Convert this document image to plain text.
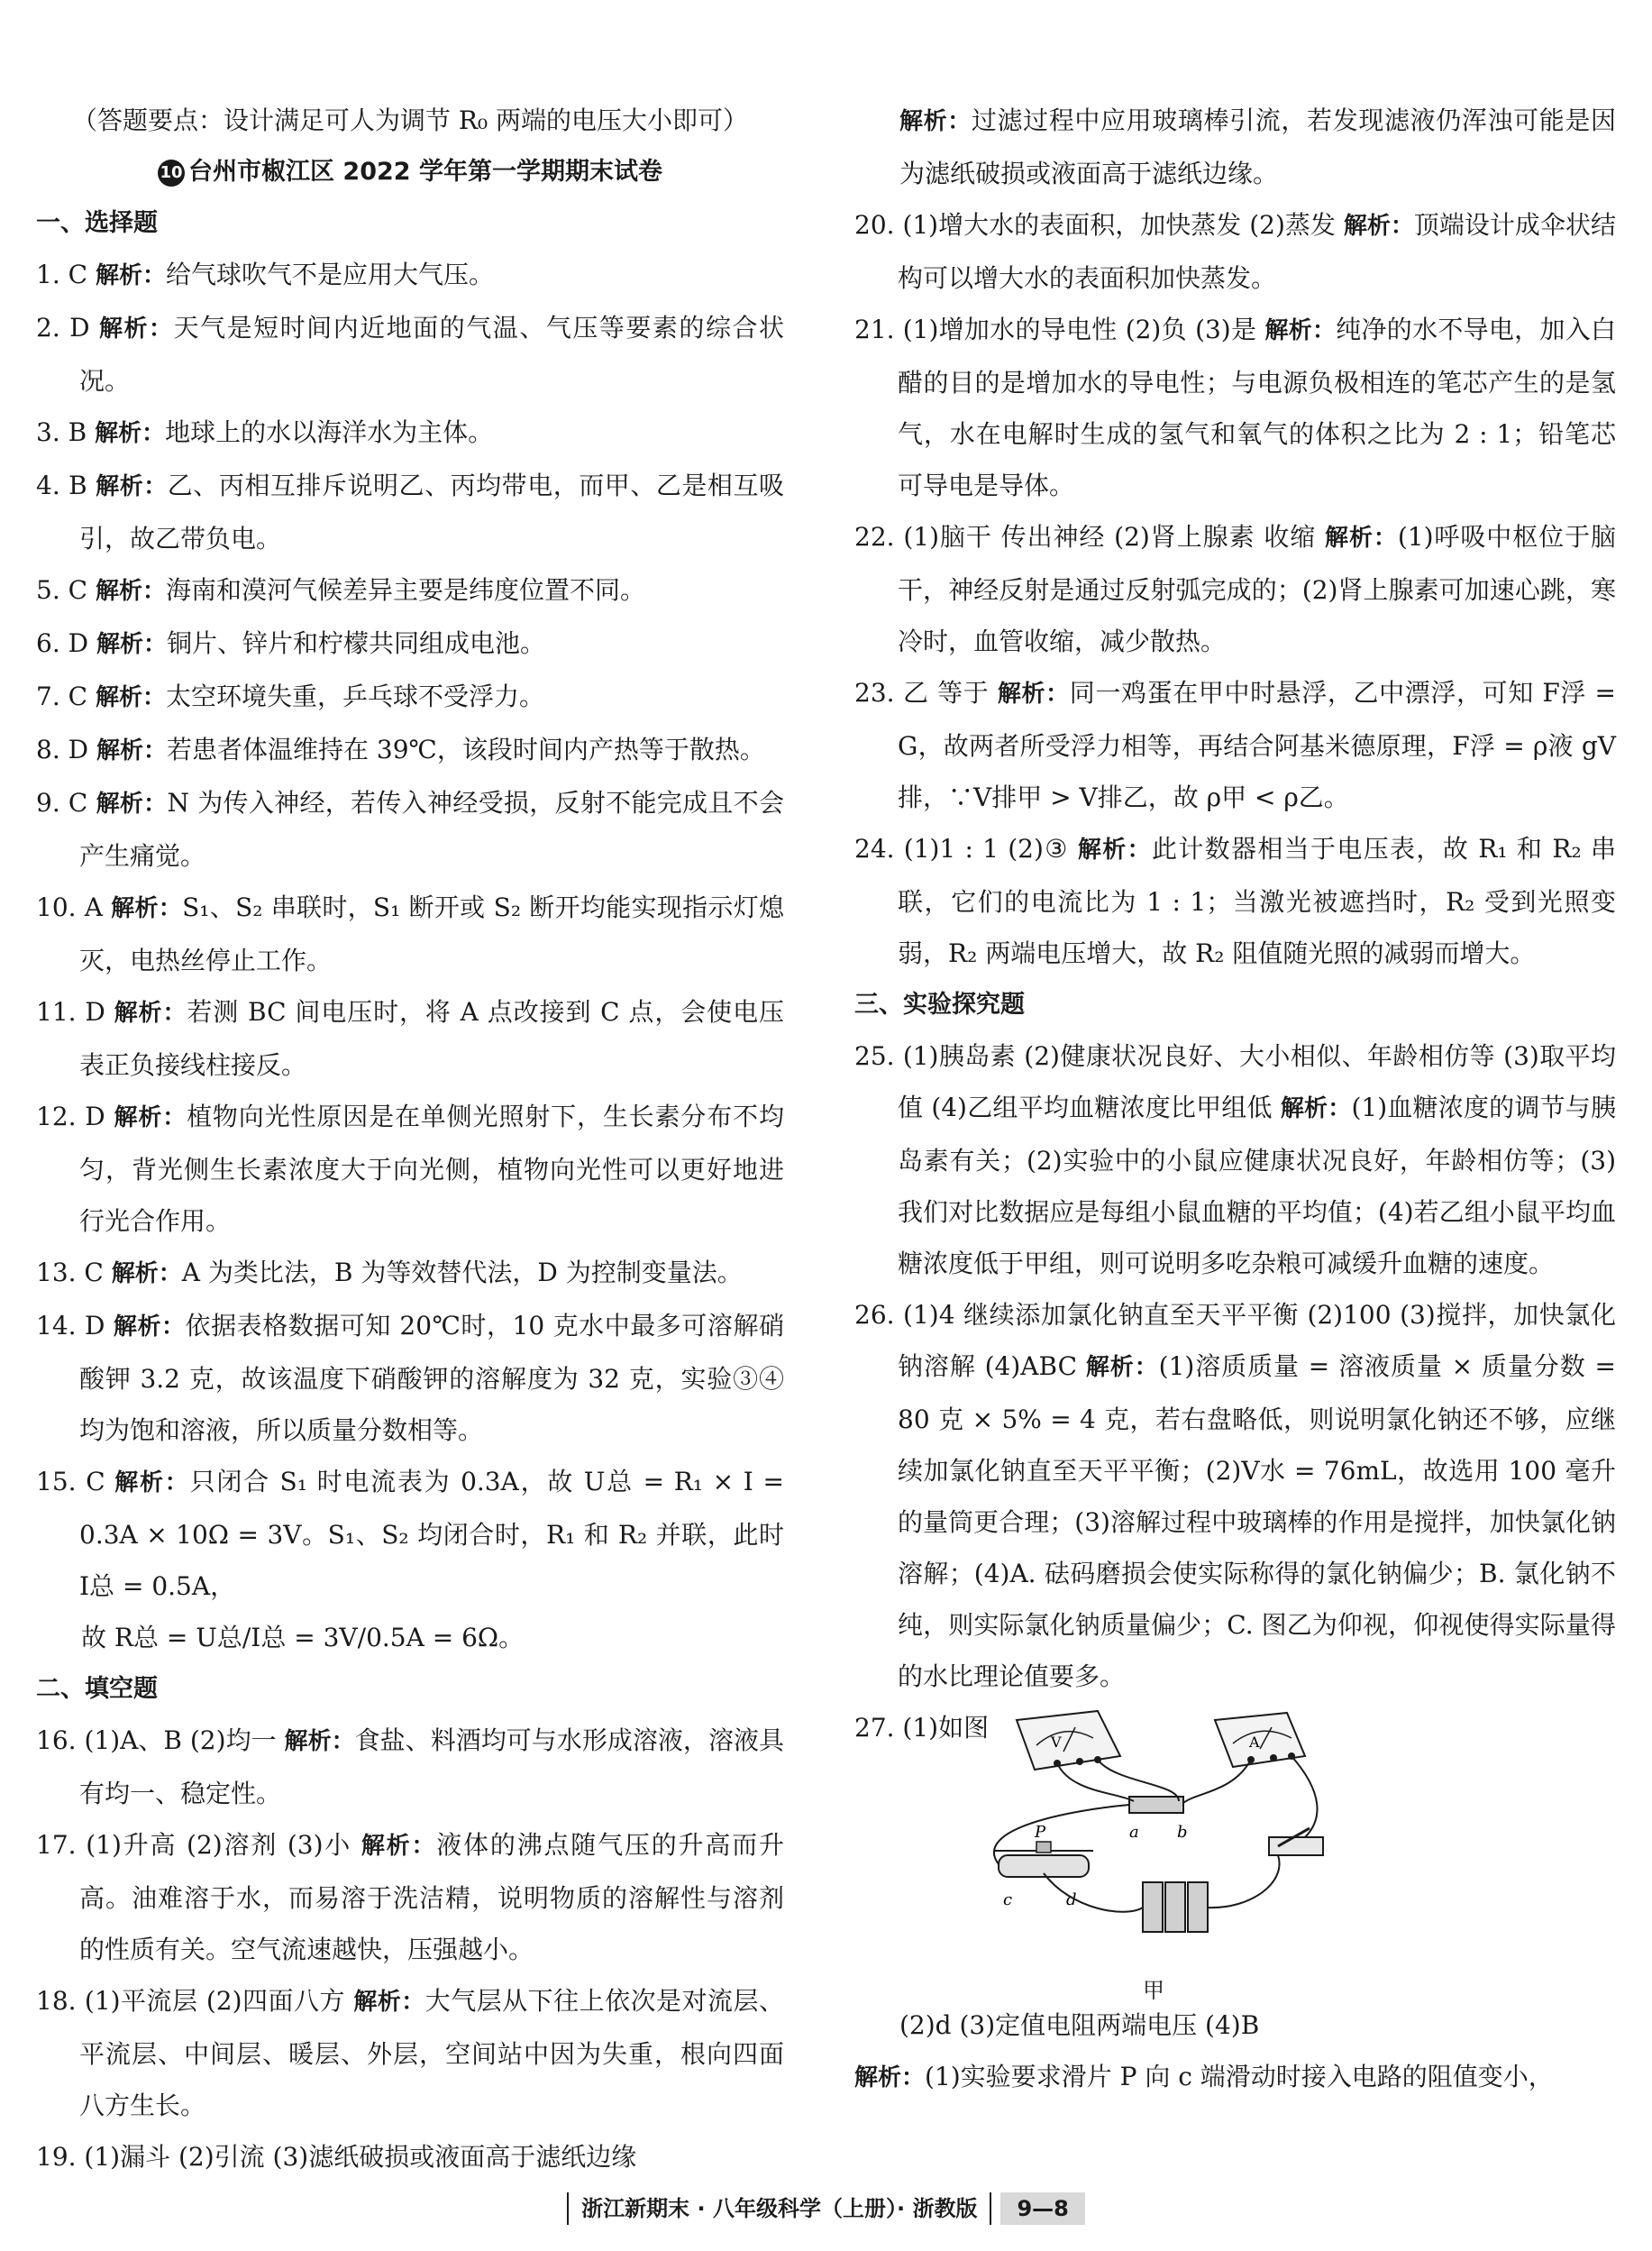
（答题要点：设计满足可人为调节 R₀ 两端的电压大小即可）

10 台州市椒江区 2022 学年第一学期期末试卷

一、选择题

1. C 解析：给气球吹气不是应用大气压。

2. D 解析：天气是短时间内近地面的气温、气压等要素的综合状况。

3. B 解析：地球上的水以海洋水为主体。

4. B 解析：乙、丙相互排斥说明乙、丙均带电，而甲、乙是相互吸引，故乙带负电。

5. C 解析：海南和漠河气候差异主要是纬度位置不同。

6. D 解析：铜片、锌片和柠檬共同组成电池。

7. C 解析：太空环境失重，乒乓球不受浮力。

8. D 解析：若患者体温维持在 39℃，该段时间内产热等于散热。

9. C 解析：N 为传入神经，若传入神经受损，反射不能完成且不会产生痛觉。

10. A 解析：S₁、S₂ 串联时，S₁ 断开或 S₂ 断开均能实现指示灯熄灭，电热丝停止工作。

11. D 解析：若测 BC 间电压时，将 A 点改接到 C 点，会使电压表正负接线柱接反。

12. D 解析：植物向光性原因是在单侧光照射下，生长素分布不均匀，背光侧生长素浓度大于向光侧，植物向光性可以更好地进行光合作用。

13. C 解析：A 为类比法，B 为等效替代法，D 为控制变量法。

14. D 解析：依据表格数据可知 20℃时，10 克水中最多可溶解硝酸钾 3.2 克，故该温度下硝酸钾的溶解度为 32 克，实验③④均为饱和溶液，所以质量分数相等。

15. C 解析：只闭合 S₁ 时电流表为 0.3A，故 U总 = R₁ × I = 0.3A × 10Ω = 3V。S₁、S₂ 均闭合时，R₁ 和 R₂ 并联，此时 I总 = 0.5A，

故 R总 = U总/I总 = 3V/0.5A = 6Ω。

二、填空题

16. (1)A、B (2)均一 解析：食盐、料酒均可与水形成溶液，溶液具有均一、稳定性。

17. (1)升高 (2)溶剂 (3)小 解析：液体的沸点随气压的升高而升高。油难溶于水，而易溶于洗洁精，说明物质的溶解性与溶剂的性质有关。空气流速越快，压强越小。

18. (1)平流层 (2)四面八方 解析：大气层从下往上依次是对流层、平流层、中间层、暖层、外层，空间站中因为失重，根向四面八方生长。

19. (1)漏斗 (2)引流 (3)滤纸破损或液面高于滤纸边缘

解析：过滤过程中应用玻璃棒引流，若发现滤液仍浑浊可能是因为滤纸破损或液面高于滤纸边缘。

20. (1)增大水的表面积，加快蒸发 (2)蒸发 解析：顶端设计成伞状结构可以增大水的表面积加快蒸发。

21. (1)增加水的导电性 (2)负 (3)是 解析：纯净的水不导电，加入白醋的目的是增加水的导电性；与电源负极相连的笔芯产生的是氢气，水在电解时生成的氢气和氧气的体积之比为 2 : 1；铅笔芯可导电是导体。

22. (1)脑干 传出神经 (2)肾上腺素 收缩 解析：(1)呼吸中枢位于脑干，神经反射是通过反射弧完成的；(2)肾上腺素可加速心跳，寒冷时，血管收缩，减少散热。

23. 乙 等于 解析：同一鸡蛋在甲中时悬浮，乙中漂浮，可知 F浮 = G，故两者所受浮力相等，再结合阿基米德原理，F浮 = ρ液 gV排，∵V排甲 > V排乙，故 ρ甲 < ρ乙。

24. (1)1 : 1 (2)③ 解析：此计数器相当于电压表，故 R₁ 和 R₂ 串联，它们的电流比为 1 : 1；当激光被遮挡时，R₂ 受到光照变弱，R₂ 两端电压增大，故 R₂ 阻值随光照的减弱而增大。

三、实验探究题

25. (1)胰岛素 (2)健康状况良好、大小相似、年龄相仿等 (3)取平均值 (4)乙组平均血糖浓度比甲组低 解析：(1)血糖浓度的调节与胰岛素有关；(2)实验中的小鼠应健康状况良好，年龄相仿等；(3)我们对比数据应是每组小鼠血糖的平均值；(4)若乙组小鼠平均血糖浓度低于甲组，则可说明多吃杂粮可减缓升血糖的速度。

26. (1)4 继续添加氯化钠直至天平平衡 (2)100 (3)搅拌，加快氯化钠溶解 (4)ABC 解析：(1)溶质质量 = 溶液质量 × 质量分数 = 80 克 × 5% = 4 克，若右盘略低，则说明氯化钠还不够，应继续加氯化钠直至天平平衡；(2)V水 = 76mL，故选用 100 毫升的量筒更合理；(3)溶解过程中玻璃棒的作用是搅拌，加快氯化钠溶解；(4)A. 砝码磨损会使实际称得的氯化钠偏少；B. 氯化钠不纯，则实际氯化钠质量偏少；C. 图乙为仰视，仰视使得实际量得的水比理论值要多。

27. (1)如图	V	A
a b
P
c	d
甲

(2)d (3)定值电阻两端电压 (4)B

解析：(1)实验要求滑片 P 向 c 端滑动时接入电路的阻值变小，

浙江新期末 · 八年级科学（上册）· 浙教版 9—8
